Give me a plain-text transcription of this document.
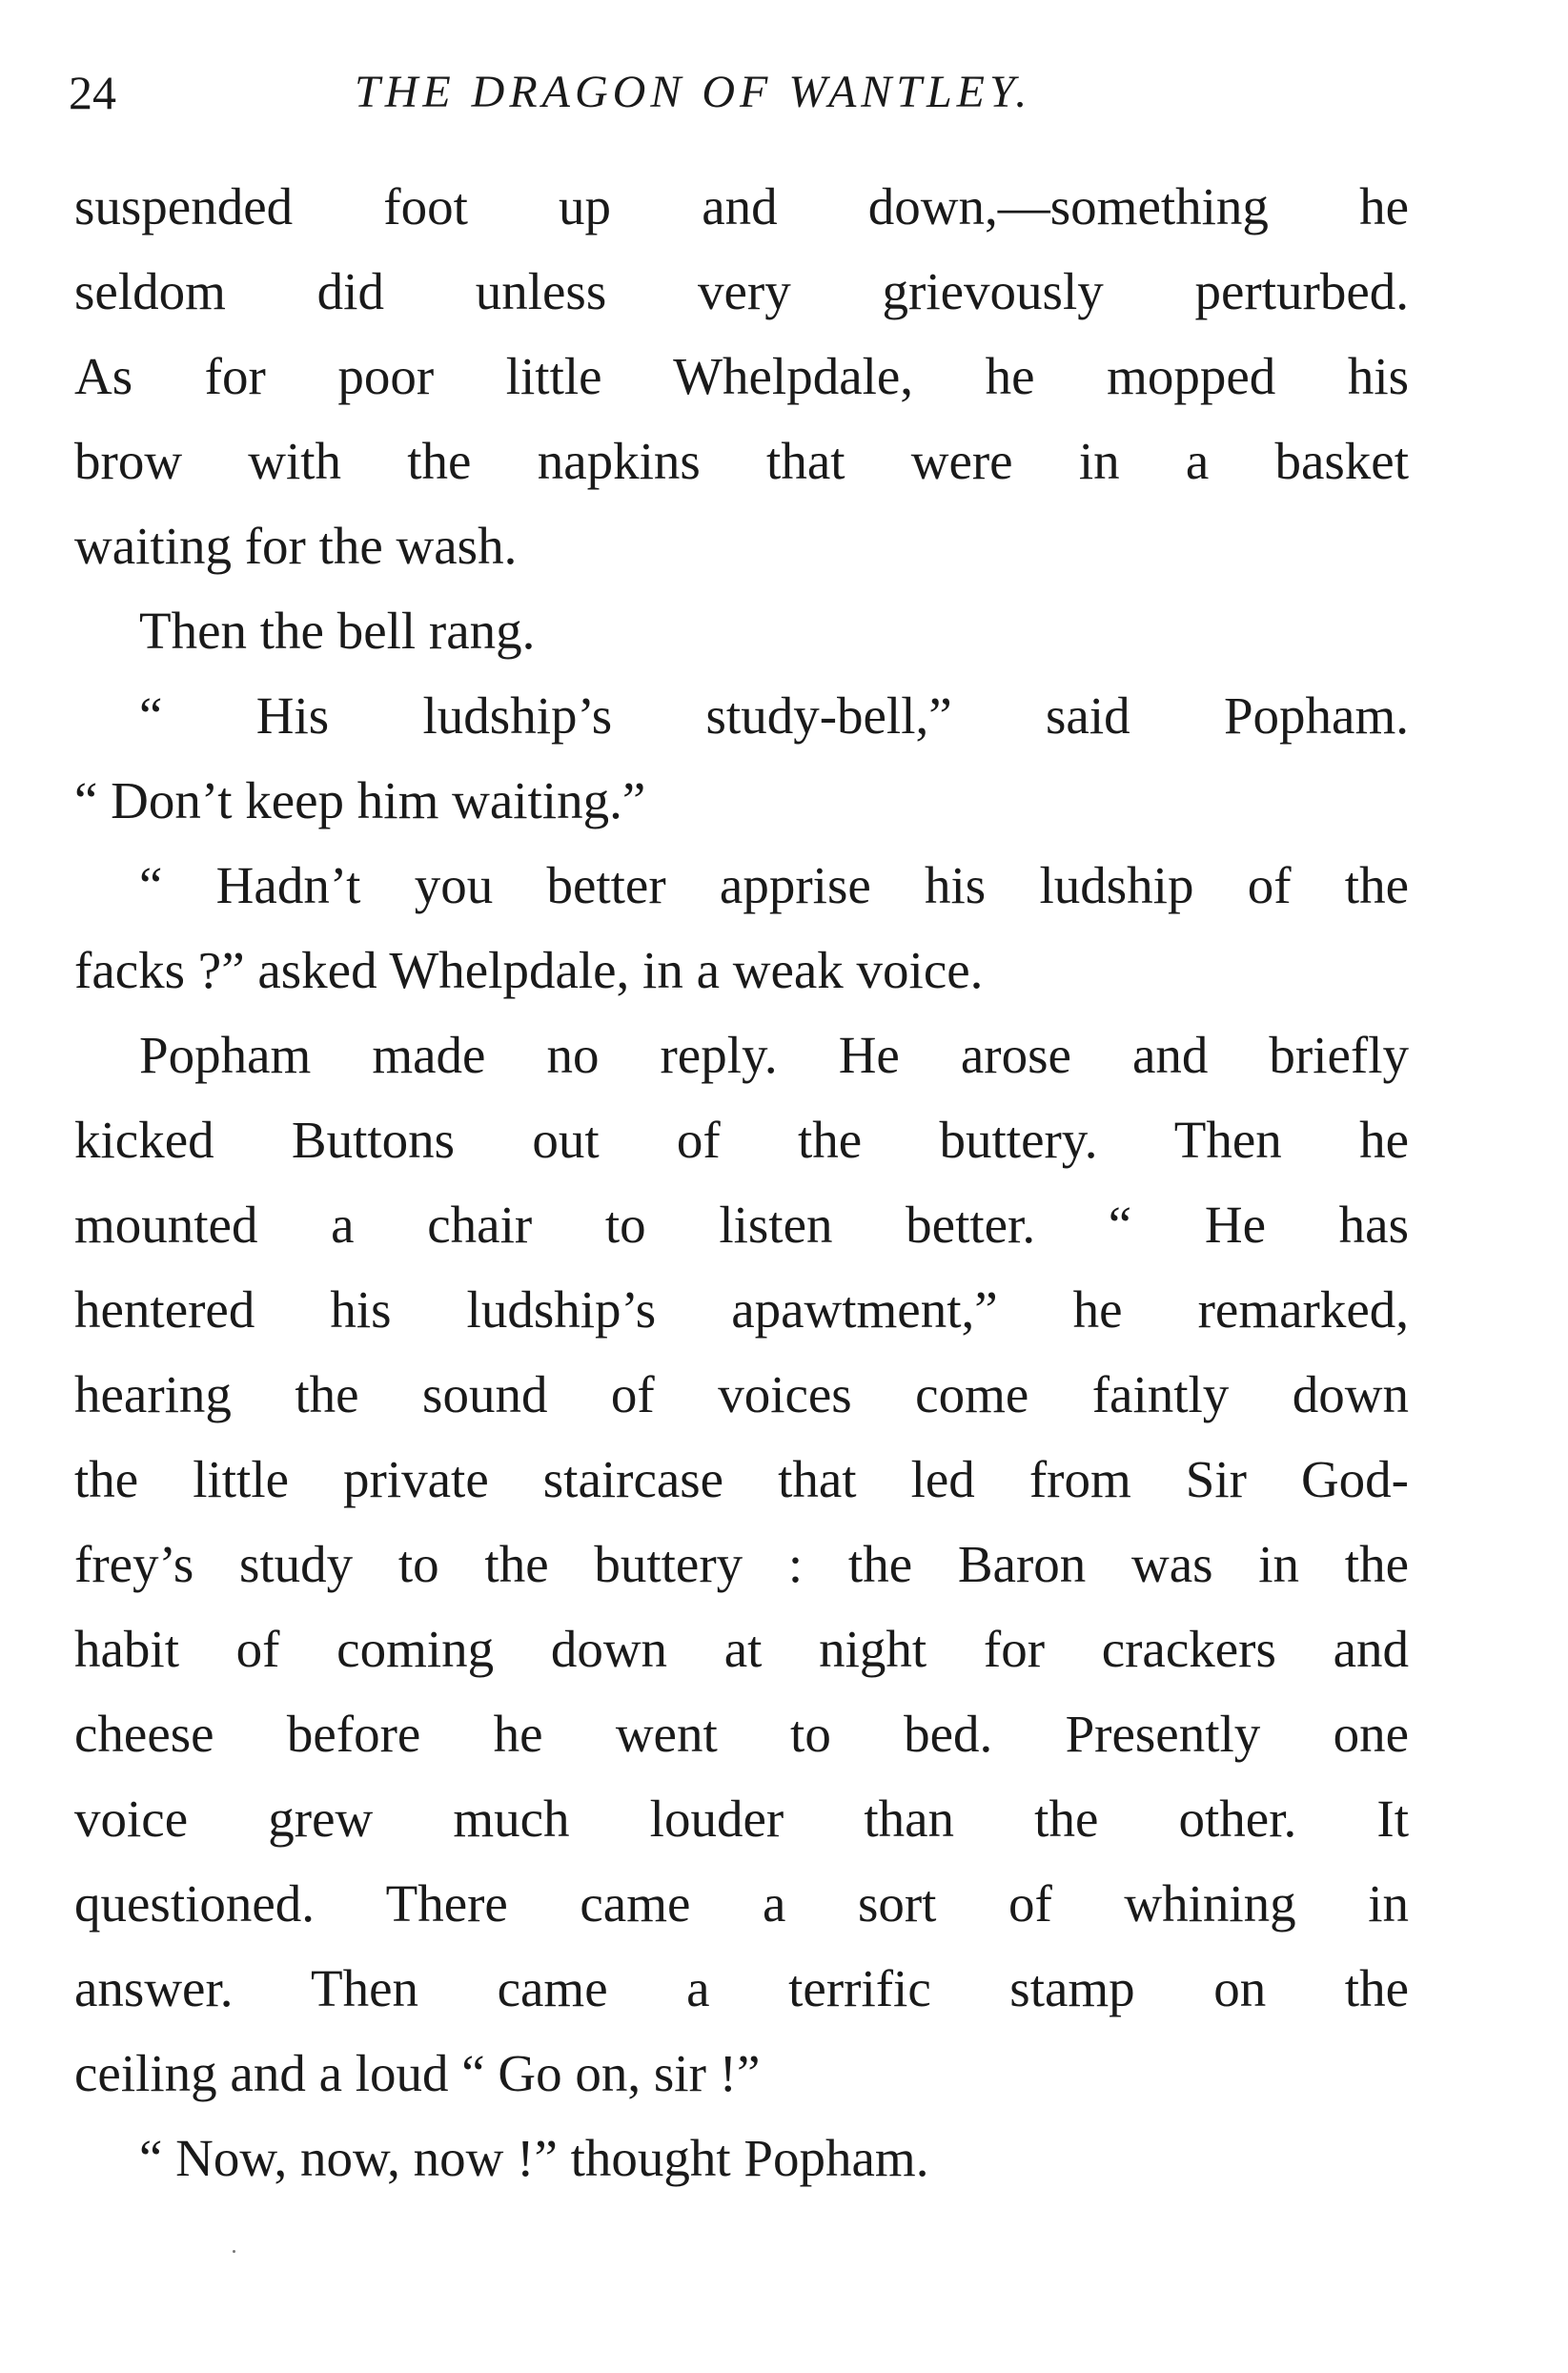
24	THE DRAGON OF WANTLEY.
suspended foot up and down,—something he
seldom did unless very grievously perturbed.
As for poor little Whelpdale, he mopped his
brow with the napkins that were in a basket
waiting for the wash.
Then the bell rang.
“ His ludship’s study-bell,” said Popham.
“ Don’t keep him waiting.”
“ Hadn’t you better apprise his ludship of the
facks ?” asked Whelpdale, in a weak voice.
Popham made no reply. He arose and briefly
kicked Buttons out of the buttery. Then he
mounted a chair to listen better. “ He has
hentered his ludship’s apawtment,” he remarked,
hearing the sound of voices come faintly down
the little private staircase that led from Sir God-
frey’s study to the buttery : the Baron was in the
habit of coming down at night for crackers and
cheese before he went to bed. Presently one
voice grew much louder than the other. It
questioned. There came a sort of whining in
answer. Then came a terrific stamp on the
ceiling and a loud “ Go on, sir !”
“ Now, now, now !” thought Popham.
